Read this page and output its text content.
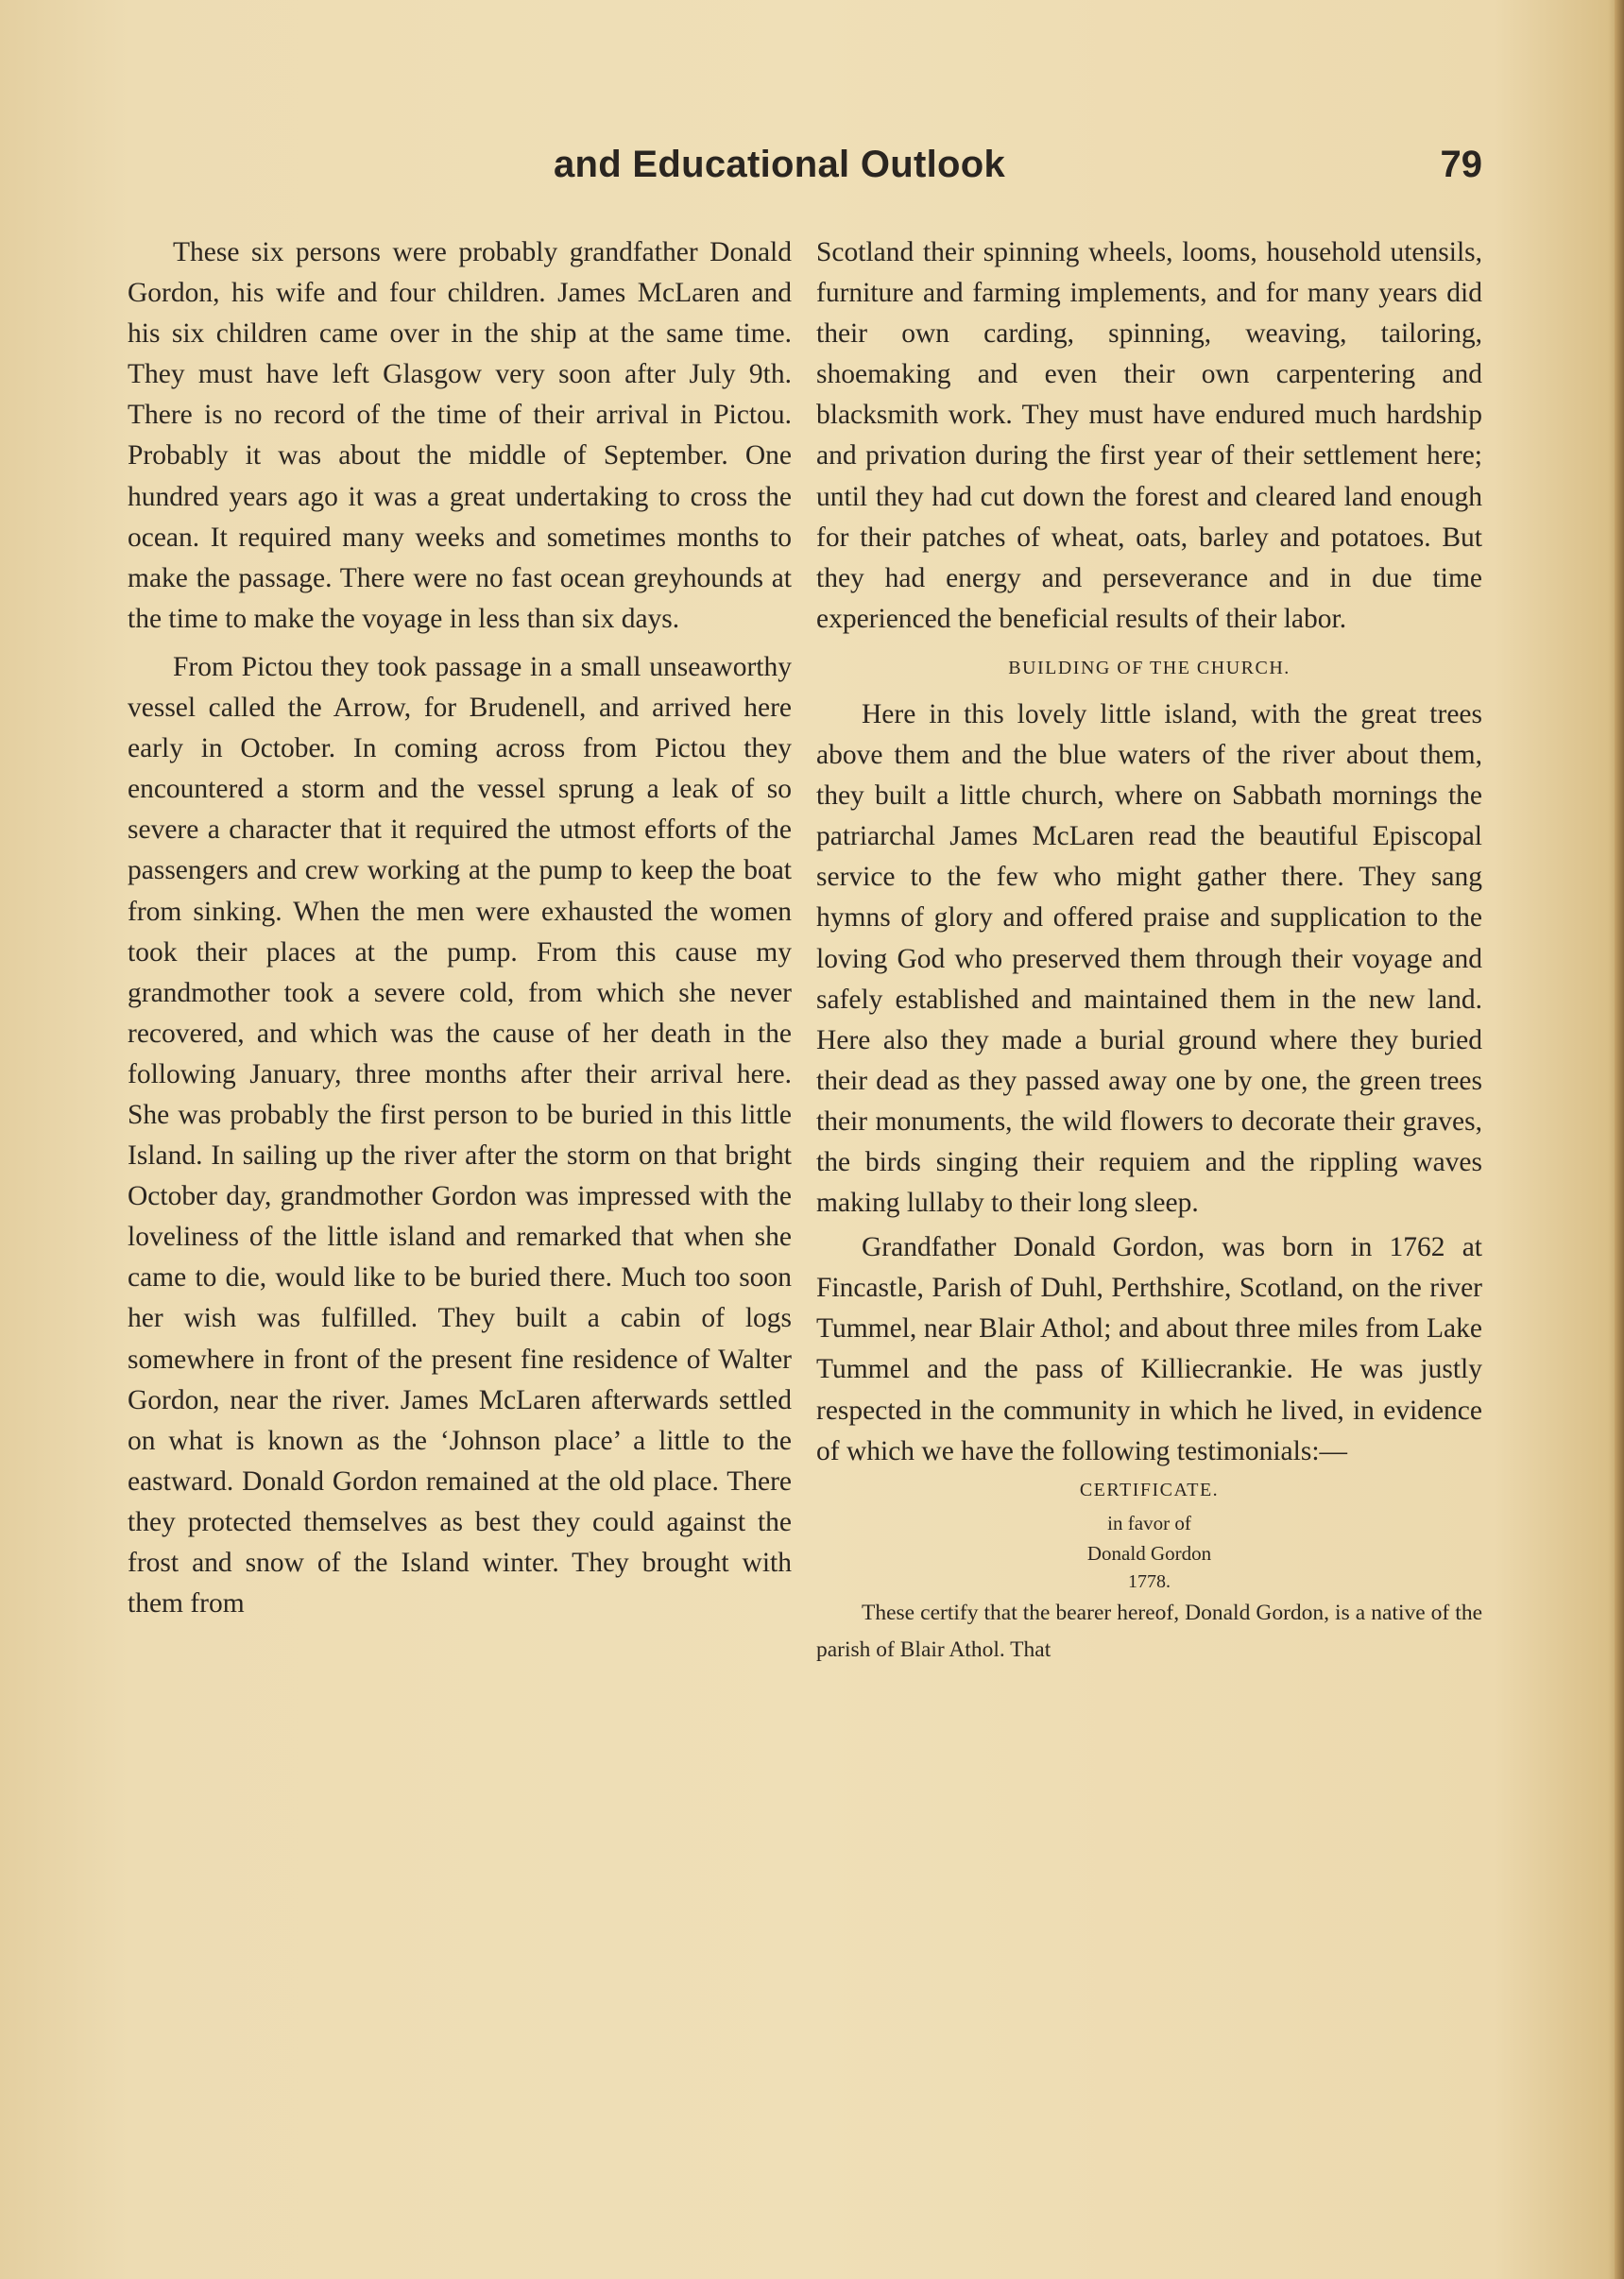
and Educational Outlook	79

These six persons were probably grandfather Donald Gordon, his wife and four children. James McLaren and his six children came over in the ship at the same time. They must have left Glasgow very soon after July 9th. There is no record of the time of their arrival in Pictou. Probably it was about the middle of September. One hundred years ago it was a great undertaking to cross the ocean. It required many weeks and sometimes months to make the passage. There were no fast ocean greyhounds at the time to make the voyage in less than six days.

From Pictou they took passage in a small unseaworthy vessel called the Arrow, for Brudenell, and arrived here early in October. In coming across from Pictou they encountered a storm and the vessel sprung a leak of so severe a character that it required the utmost efforts of the passengers and crew working at the pump to keep the boat from sinking. When the men were exhausted the women took their places at the pump. From this cause my grandmother took a severe cold, from which she never recovered, and which was the cause of her death in the following January, three months after their arrival here. She was probably the first person to be buried in this little Island. In sailing up the river after the storm on that bright October day, grandmother Gordon was impressed with the loveliness of the little island and remarked that when she came to die, would like to be buried there. Much too soon her wish was fulfilled. They built a cabin of logs somewhere in front of the present fine residence of Walter Gordon, near the river. James McLaren afterwards settled on what is known as the ‘Johnson place’ a little to the eastward. Donald Gordon remained at the old place. There they protected themselves as best they could against the frost and snow of the Island winter. They brought with them from

Scotland their spinning wheels, looms, household utensils, furniture and farming implements, and for many years did their own carding, spinning, weaving, tailoring, shoemaking and even their own carpentering and blacksmith work. They must have endured much hardship and privation during the first year of their settlement here; until they had cut down the forest and cleared land enough for their patches of wheat, oats, barley and potatoes. But they had energy and perseverance and in due time experienced the beneficial results of their labor.

BUILDING OF THE CHURCH.

Here in this lovely little island, with the great trees above them and the blue waters of the river about them, they built a little church, where on Sabbath mornings the patriarchal James McLaren read the beautiful Episcopal service to the few who might gather there. They sang hymns of glory and offered praise and supplication to the loving God who preserved them through their voyage and safely established and maintained them in the new land. Here also they made a burial ground where they buried their dead as they passed away one by one, the green trees their monuments, the wild flowers to decorate their graves, the birds singing their requiem and the rippling waves making lullaby to their long sleep.

Grandfather Donald Gordon, was born in 1762 at Fincastle, Parish of Duhl, Perthshire, Scotland, on the river Tummel, near Blair Athol; and about three miles from Lake Tummel and the pass of Killiecrankie. He was justly respected in the community in which he lived, in evidence of which we have the following testimonials:—

CERTIFICATE.
in favor of
Donald Gordon
1778.

These certify that the bearer hereof, Donald Gordon, is a native of the parish of Blair Athol. That
